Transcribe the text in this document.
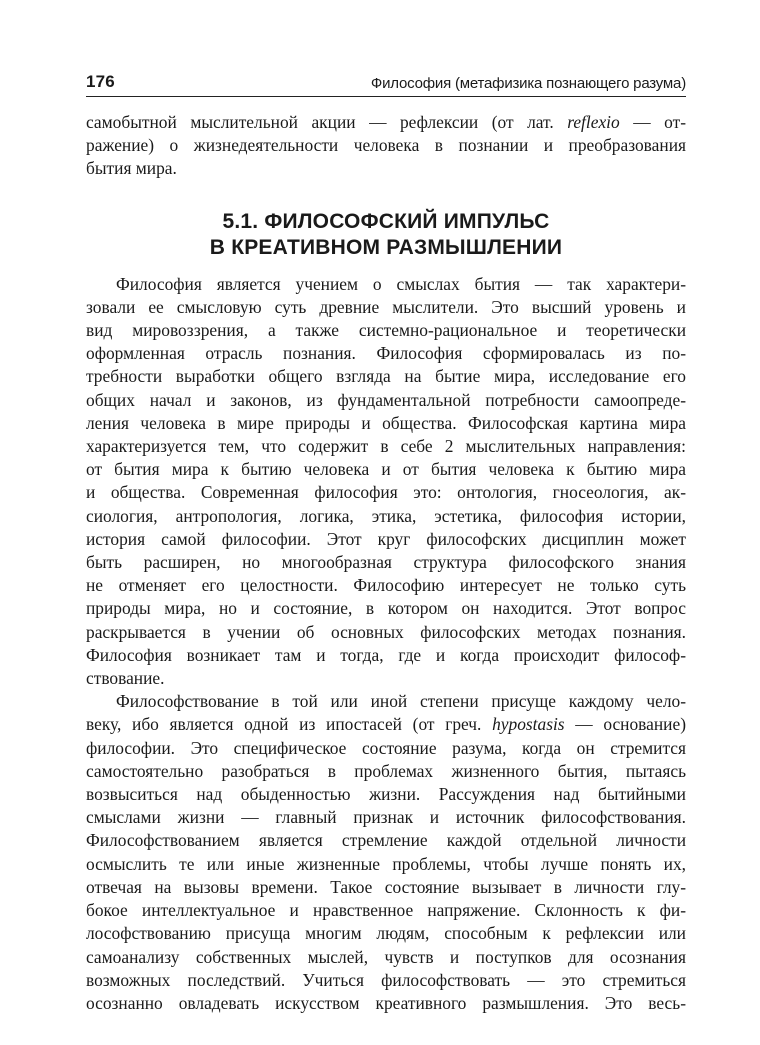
176	Философия (метафизика познающего разума)
самобытной мыслительной акции — рефлексии (от лат. reflexio — от-
ражение) о жизнедеятельности человека в познании и преобразования
бытия мира.
5.1. ФИЛОСОФСКИЙ ИМПУЛЬС
В КРЕАТИВНОМ РАЗМЫШЛЕНИИ
Философия является учением о смыслах бытия — так характери-
зовали ее смысловую суть древние мыслители. Это высший уровень и
вид мировоззрения, а также системно-рациональное и теоретически
оформленная отрасль познания. Философия сформировалась из по-
требности выработки общего взгляда на бытие мира, исследование его
общих начал и законов, из фундаментальной потребности самоопреде-
ления человека в мире природы и общества. Философская картина мира
характеризуется тем, что содержит в себе 2 мыслительных направления:
от бытия мира к бытию человека и от бытия человека к бытию мира
и общества. Современная философия это: онтология, гносеология, ак-
сиология, антропология, логика, этика, эстетика, философия истории,
история самой философии. Этот круг философских дисциплин может
быть расширен, но многообразная структура философского знания
не отменяет его целостности. Философию интересует не только суть
природы мира, но и состояние, в котором он находится. Этот вопрос
раскрывается в учении об основных философских методах познания.
Философия возникает там и тогда, где и когда происходит философ-
ствование.
Философствование в той или иной степени присуще каждому чело-
веку, ибо является одной из ипостасей (от греч. hypostasis — основание)
философии. Это специфическое состояние разума, когда он стремится
самостоятельно разобраться в проблемах жизненного бытия, пытаясь
возвыситься над обыденностью жизни. Рассуждения над бытийными
смыслами жизни — главный признак и источник философствования.
Философствованием является стремление каждой отдельной личности
осмыслить те или иные жизненные проблемы, чтобы лучше понять их,
отвечая на вызовы времени. Такое состояние вызывает в личности глу-
бокое интеллектуальное и нравственное напряжение. Склонность к фи-
лософствованию присуща многим людям, способным к рефлексии или
самоанализу собственных мыслей, чувств и поступков для осознания
возможных последствий. Учиться философствовать — это стремиться
осознанно овладевать искусством креативного размышления. Это весь-
